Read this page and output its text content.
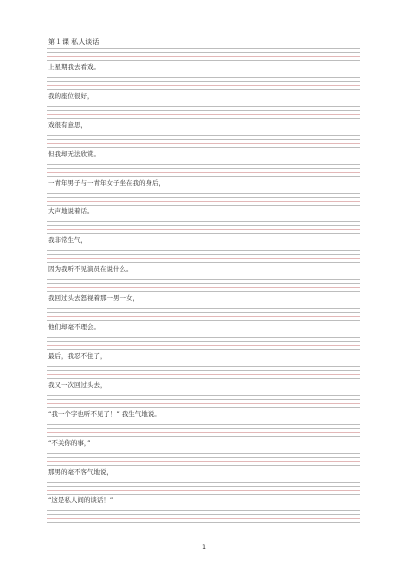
第１课 私人谈话
上星期我去看戏。
我的座位很好，
戏很有意思，
但我却无法欣赏。
一青年男子与一青年女子坐在我的身后，
大声地说着话。
我非常生气，
因为我听不见演员在说什么。
我回过头去怒视着那一男一女，
他们却毫不理会。
最后，我忍不住了，
我又一次回过头去，
“我一个字也听不见了！” 我生气地说。
“不关你的事，”
那男的毫不客气地说，
“这是私人间的谈话！”
1
